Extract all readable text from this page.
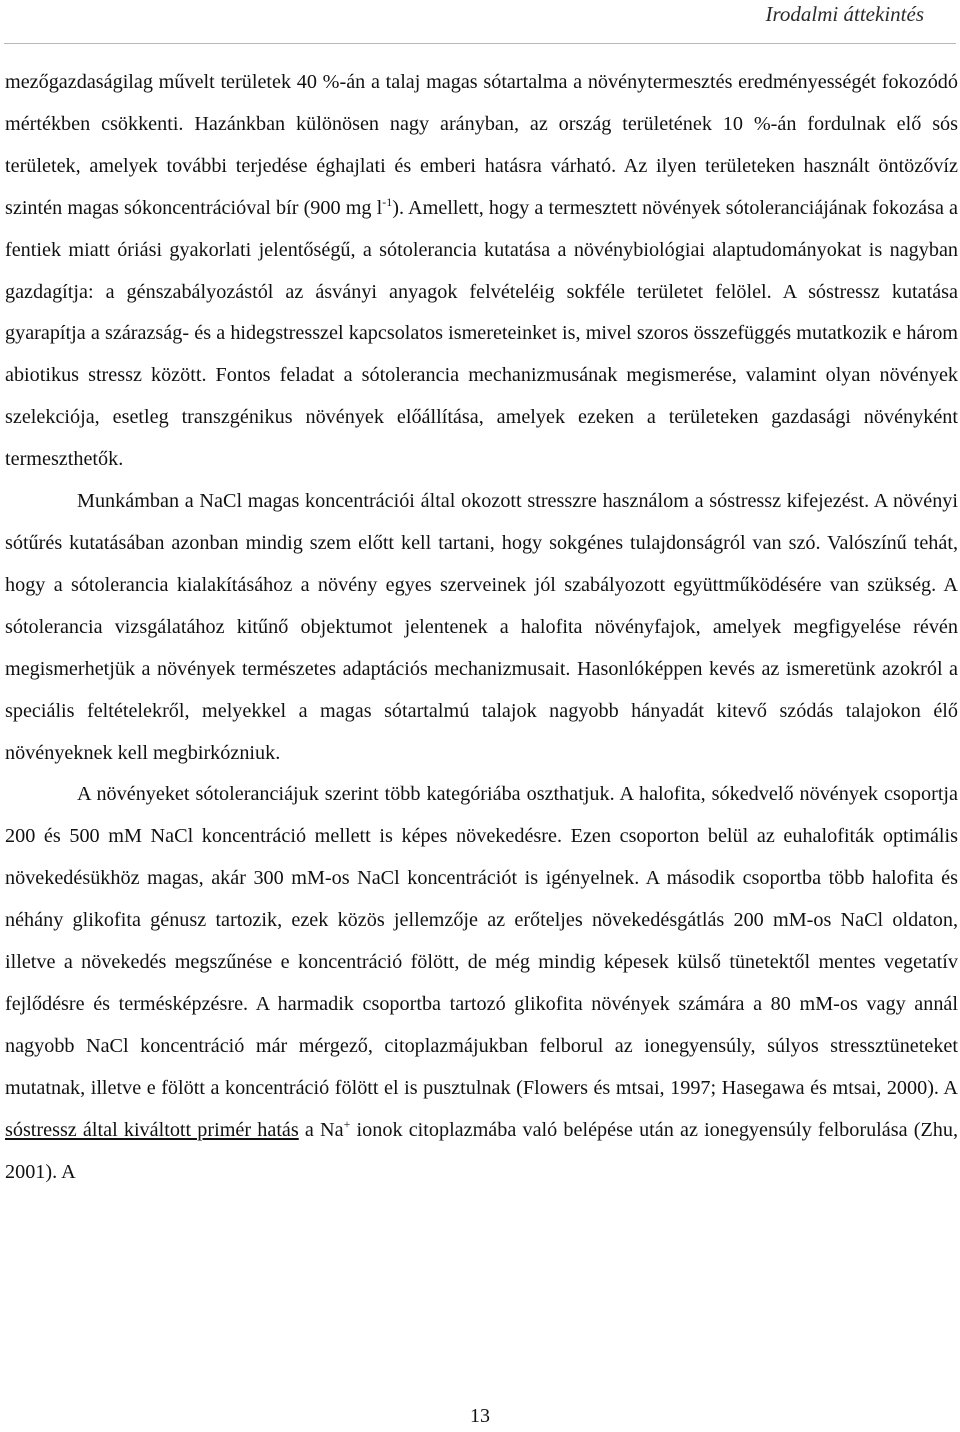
Irodalmi áttekintés

mezőgazdaságilag művelt területek 40 %-án a talaj magas sótartalma a növénytermesztés eredményességét fokozódó mértékben csökkenti. Hazánkban különösen nagy arányban, az ország területének 10 %-án fordulnak elő sós területek, amelyek további terjedése éghajlati és emberi hatásra várható. Az ilyen területeken használt öntözővíz szintén magas sókoncentrációval bír (900 mg $l^{-1}$). Amellett, hogy a termesztett növények sótoleranciájának fokozása a fentiek miatt óriási gyakorlati jelentőségű, a sótolerancia kutatása a növénybiológiai alaptudományokat is nagyban gazdagítja: a génszabályozástól az ásványi anyagok felvételéig sokféle területet felölel. A sóstressz kutatása gyarapítja a szárazság- és a hidegstresszel kapcsolatos ismereteinket is, mivel szoros összefüggés mutatkozik e három abiotikus stressz között. Fontos feladat a sótolerancia mechanizmusának megismerése, valamint olyan növények szelekciója, esetleg transzgénikus növények előállítása, amelyek ezeken a területeken gazdasági növényként termeszthetők.

Munkámban a NaCl magas koncentrációi által okozott stresszre használom a sóstressz kifejezést. A növényi sótűrés kutatásában azonban mindig szem előtt kell tartani, hogy sokgénes tulajdonságról van szó. Valószínű tehát, hogy a sótolerancia kialakításához a növény egyes szerveinek jól szabályozott együttműködésére van szükség. A sótolerancia vizsgálatához kitűnő objektumot jelentenek a halofita növényfajok, amelyek megfigyelése révén megismerhetjük a növények természetes adaptációs mechanizmusait. Hasonlóképpen kevés az ismeretünk azokról a speciális feltételekről, melyekkel a magas sótartalmú talajok nagyobb hányadát kitevő szódás talajokon élő növényeknek kell megbirkózniuk.

A növényeket sótoleranciájuk szerint több kategóriába oszthatjuk. A halofita, sókedvelő növények csoportja 200 és 500 mM NaCl koncentráció mellett is képes növekedésre. Ezen csoporton belül az euhalofiták optimális növekedésükhöz magas, akár 300 mM-os NaCl koncentrációt is igényelnek. A második csoportba több halofita és néhány glikofita génusz tartozik, ezek közös jellemzője az erőteljes növekedésgátlás 200 mM-os NaCl oldaton, illetve a növekedés megszűnése e koncentráció fölött, de még mindig képesek külső tünetektől mentes vegetatív fejlődésre és termésképzésre. A harmadik csoportba tartozó glikofita növények számára a 80 mM-os vagy annál nagyobb NaCl koncentráció már mérgező, citoplazmájukban felborul az ionegyensúly, súlyos stressztüneteket mutatnak, illetve e fölött a koncentráció fölött el is pusztulnak (Flowers és mtsai, 1997; Hasegawa és mtsai, 2000). A sóstressz által kiváltott primér hatás a Na+ ionok citoplazmába való belépése után az ionegyensúly felborulása (Zhu, 2001). A

13
